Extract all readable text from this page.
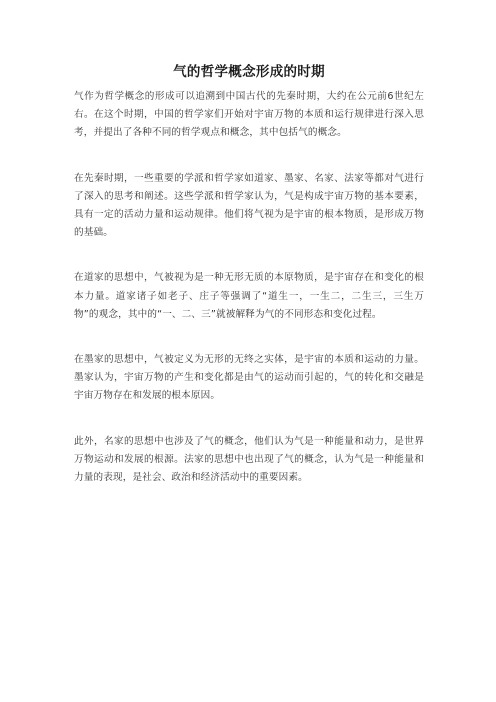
气的哲学概念形成的时期

气作为哲学概念的形成可以追溯到中国古代的先秦时期，大约在公元前6世纪左右。在这个时期，中国的哲学家们开始对宇宙万物的本质和运行规律进行深入思考，并提出了各种不同的哲学观点和概念，其中包括气的概念。

在先秦时期，一些重要的学派和哲学家如道家、墨家、名家、法家等都对气进行了深入的思考和阐述。这些学派和哲学家认为，气是构成宇宙万物的基本要素，具有一定的活动力量和运动规律。他们将气视为是宇宙的根本物质，是形成万物的基础。

在道家的思想中，气被视为是一种无形无质的本原物质，是宇宙存在和变化的根本力量。道家诸子如老子、庄子等强调了“道生一，一生二，二生三，三生万物”的观念，其中的“一、二、三”就被解释为气的不同形态和变化过程。

在墨家的思想中，气被定义为无形的无终之实体，是宇宙的本质和运动的力量。墨家认为，宇宙万物的产生和变化都是由气的运动而引起的，气的转化和交融是宇宙万物存在和发展的根本原因。

此外，名家的思想中也涉及了气的概念，他们认为气是一种能量和动力，是世界万物运动和发展的根源。法家的思想中也出现了气的概念，认为气是一种能量和力量的表现，是社会、政治和经济活动中的重要因素。
